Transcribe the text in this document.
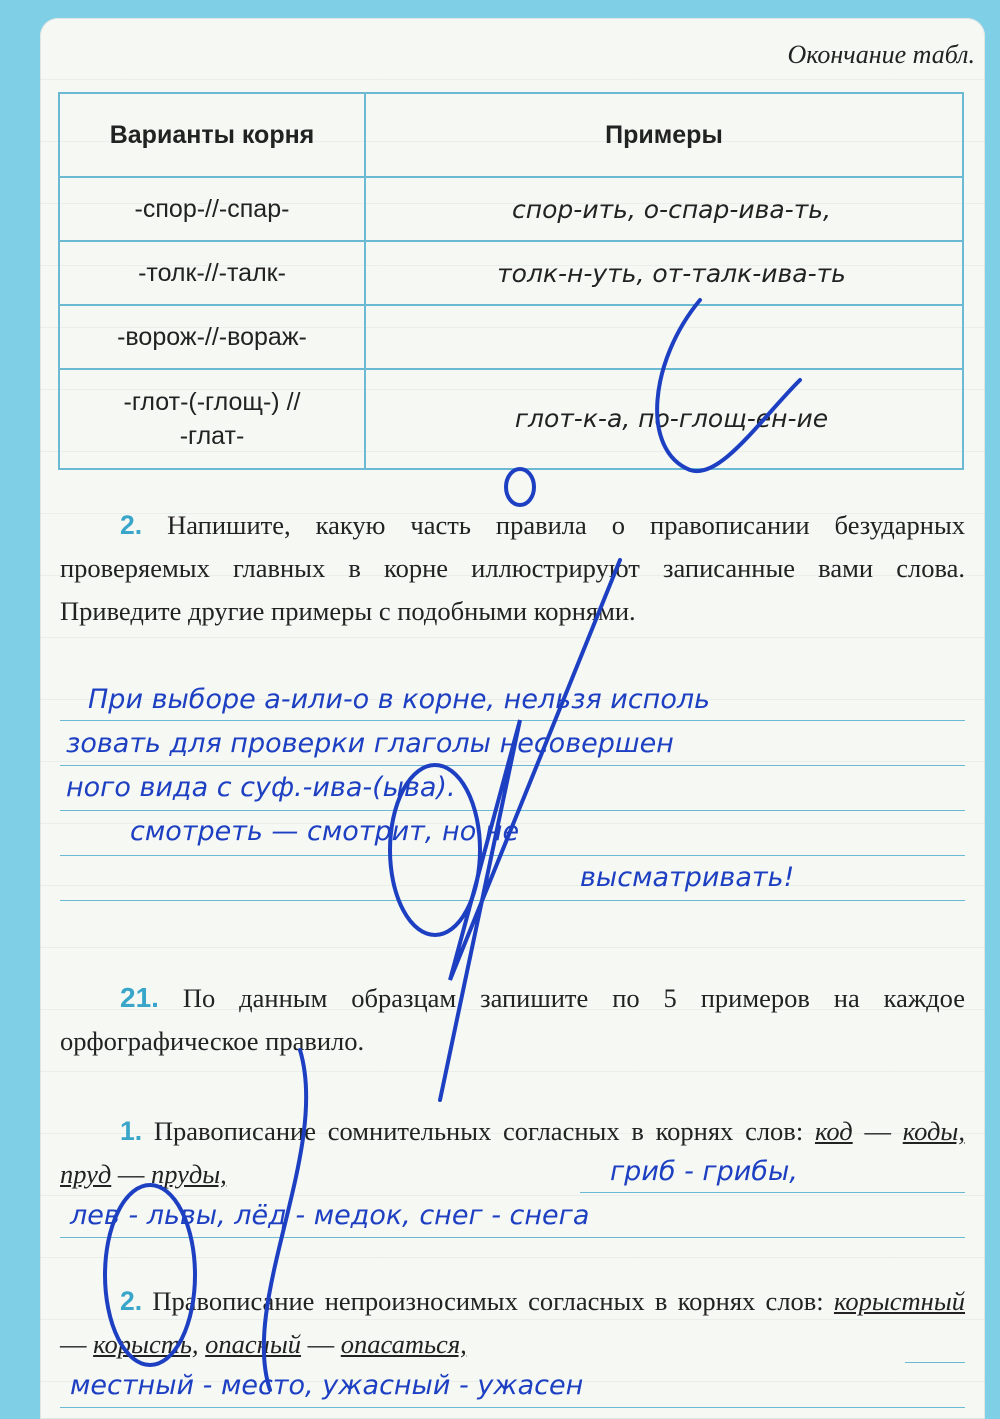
Окончание табл.
Варианты корня	Примеры
-спор-//-спар-	спор-ить, о-спар-ива-ть,
-толк-//-талк-	толк-н-уть, от-талк-ива-ть
-ворож-//-вораж-	
-глот-(-глощ-) //
-глат-	глот-к-а, по-глощ-ен-ие
2. Напишите, какую часть правила о правописании безударных проверяемых главных в корне иллюстрируют записанные вами слова. Приведите другие примеры с подобными корнями.
При выборе а-или-о в корне, нельзя исполь
зовать для проверки глаголы несовершен
ного вида с суф.-ива-(ыва).
смотреть — смотрит, но не
высматривать!
21. По данным образцам запишите по 5 примеров на каждое орфографическое правило.
1. Правописание сомнительных согласных в корнях слов: код — коды, пруд — пруды,	гриб - грибы,
лев - львы, лёд - медок, снег - снега
2. Правописание непроизносимых согласных в корнях слов: корыстный — корысть, опасный — опасаться,
местный - место, ужасный - ужасен
